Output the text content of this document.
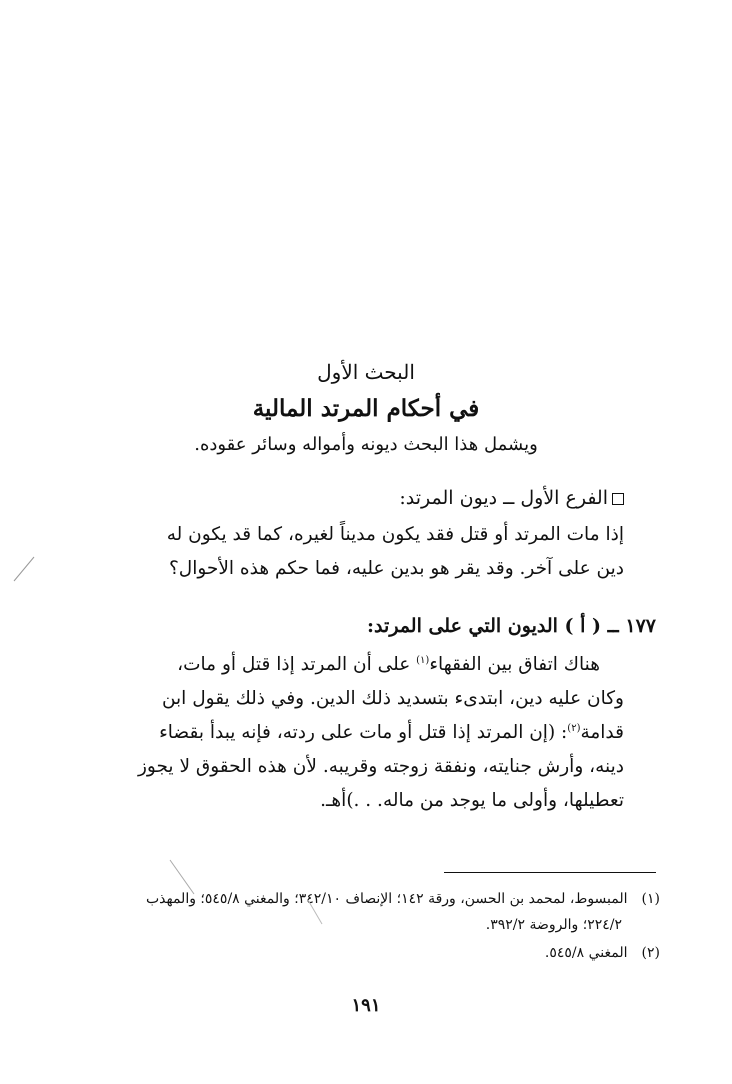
البحث الأول
في أحكام المرتد المالية
ويشمل هذا البحث ديونه وأمواله وسائر عقوده.
الفرع الأول ــ ديون المرتد:
إذا مات المرتد أو قتل فقد يكون مديناً لغيره، كما قد يكون له
دين على آخر. وقد يقر هو بدين عليه، فما حكم هذه الأحوال؟
١٧٧ ــ ( أ ) الديون التي على المرتد:
هناك اتفاق بين الفقهاء$^{(١)}$ على أن المرتد إذا قتل أو مات،
وكان عليه دين، ابتدىء بتسديد ذلك الدين. وفي ذلك يقول ابن
قدامة$^{(٢)}$: (إن المرتد إذا قتل أو مات على ردته، فإنه يبدأ بقضاء
دينه، وأرش جنايته، ونفقة زوجته وقريبه. لأن هذه الحقوق لا يجوز
تعطيلها، وأولى ما يوجد من ماله. . .)أهـ.
(١)المبسوط، لمحمد بن الحسن، ورقة ١٤٢؛ الإنصاف ٣٤٢/١٠؛ والمغني ٥٤٥/٨؛ والمهذب
٢٢٤/٢؛ والروضة ٣٩٢/٢.
(٢)المغني ٥٤٥/٨.
١٩١
